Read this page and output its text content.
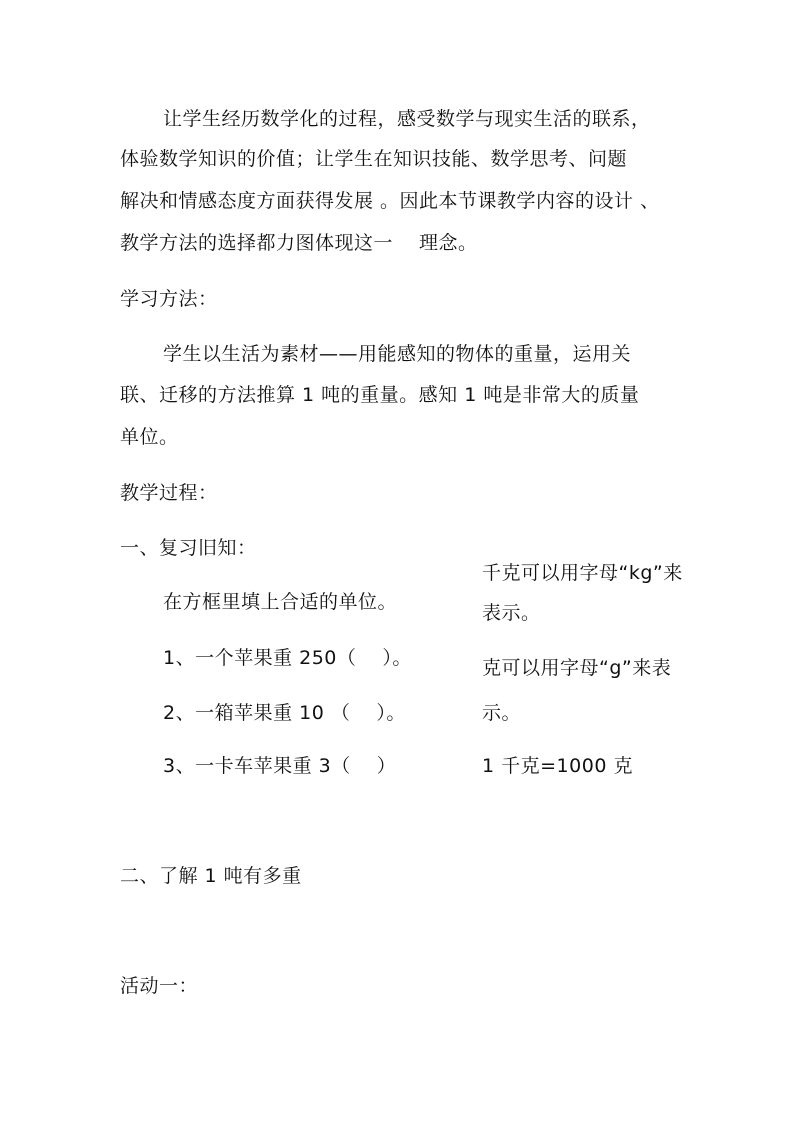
让学生经历数学化的过程，感受数学与现实生活的联系，
体验数学知识的价值；让学生在知识技能、数学思考、问题
解决和情感态度方面获得发展 。因此本节课教学内容的设计 、
教学方法的选择都力图体现这一　 理念。
学习方法：
学生以生活为素材——用能感知的物体的重量，运用关
联、迁移的方法推算 1 吨的重量。感知 1 吨是非常大的质量
单位。
教学过程：
一、复习旧知：
在方框里填上合适的单位。
1、一个苹果重 250（　 ）。
2、一箱苹果重 10 （　 ）。
3、一卡车苹果重 3（　 ）
千克可以用字母“kg”来
表示。
克可以用字母“g”来表
示。
1 千克=1000 克
二、了解 1 吨有多重
活动一：
